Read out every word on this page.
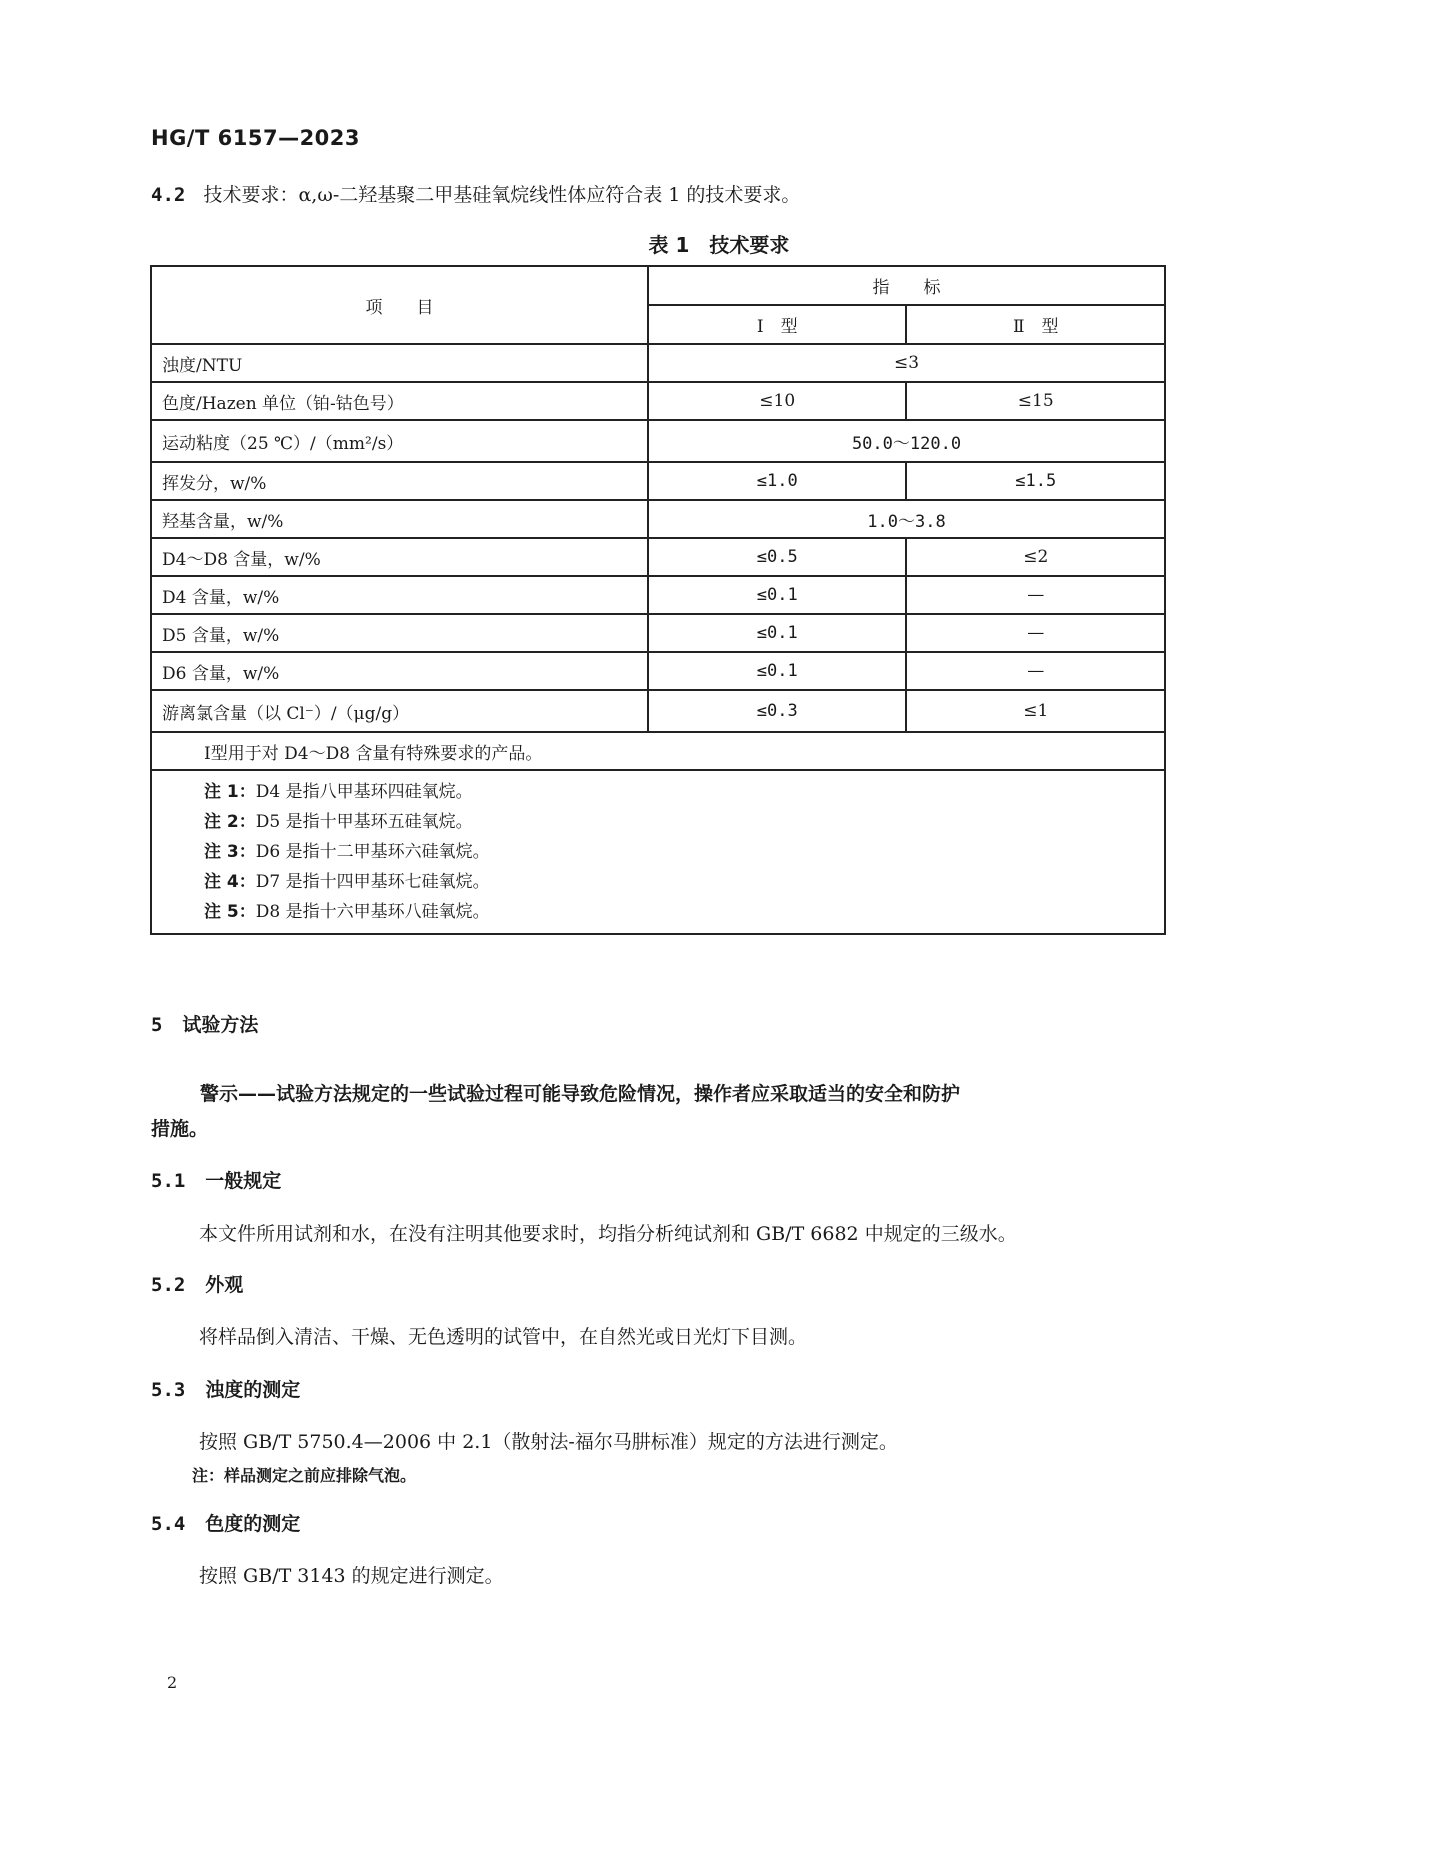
HG/T 6157—2023
4.2 技术要求：α,ω-二羟基聚二甲基硅氧烷线性体应符合表 1 的技术要求。
表 1　技术要求
项　　目	指　　标	
	Ⅰ　型	Ⅱ　型
浊度/NTU	≤3	
色度/Hazen 单位（铂-钴色号）	≤10	≤15
运动粘度（25 ℃）/（mm²/s）	50.0～120.0	
挥发分，w/%	≤1.0	≤1.5
羟基含量，w/%	1.0～3.8	
D4～D8 含量，w/%	≤0.5	≤2
D4 含量，w/%	≤0.1	—
D5 含量，w/%	≤0.1	—
D6 含量，w/%	≤0.1	—
游离氯含量（以 Cl⁻）/（μg/g）	≤0.3	≤1
Ⅰ型用于对 D4～D8 含量有特殊要求的产品。		

注 1：D4 是指八甲基环四硅氧烷。
注 2：D5 是指十甲基环五硅氧烷。
注 3：D6 是指十二甲基环六硅氧烷。
注 4：D7 是指十四甲基环七硅氧烷。
注 5：D8 是指十六甲基环八硅氧烷。		
5 试验方法
警示——试验方法规定的一些试验过程可能导致危险情况，操作者应采取适当的安全和防护
措施。
5.1 一般规定
本文件所用试剂和水，在没有注明其他要求时，均指分析纯试剂和 GB/T 6682 中规定的三级水。
5.2 外观
将样品倒入清洁、干燥、无色透明的试管中，在自然光或日光灯下目测。
5.3 浊度的测定
按照 GB/T 5750.4—2006 中 2.1（散射法-福尔马肼标准）规定的方法进行测定。
注：样品测定之前应排除气泡。
5.4 色度的测定
按照 GB/T 3143 的规定进行测定。
2
